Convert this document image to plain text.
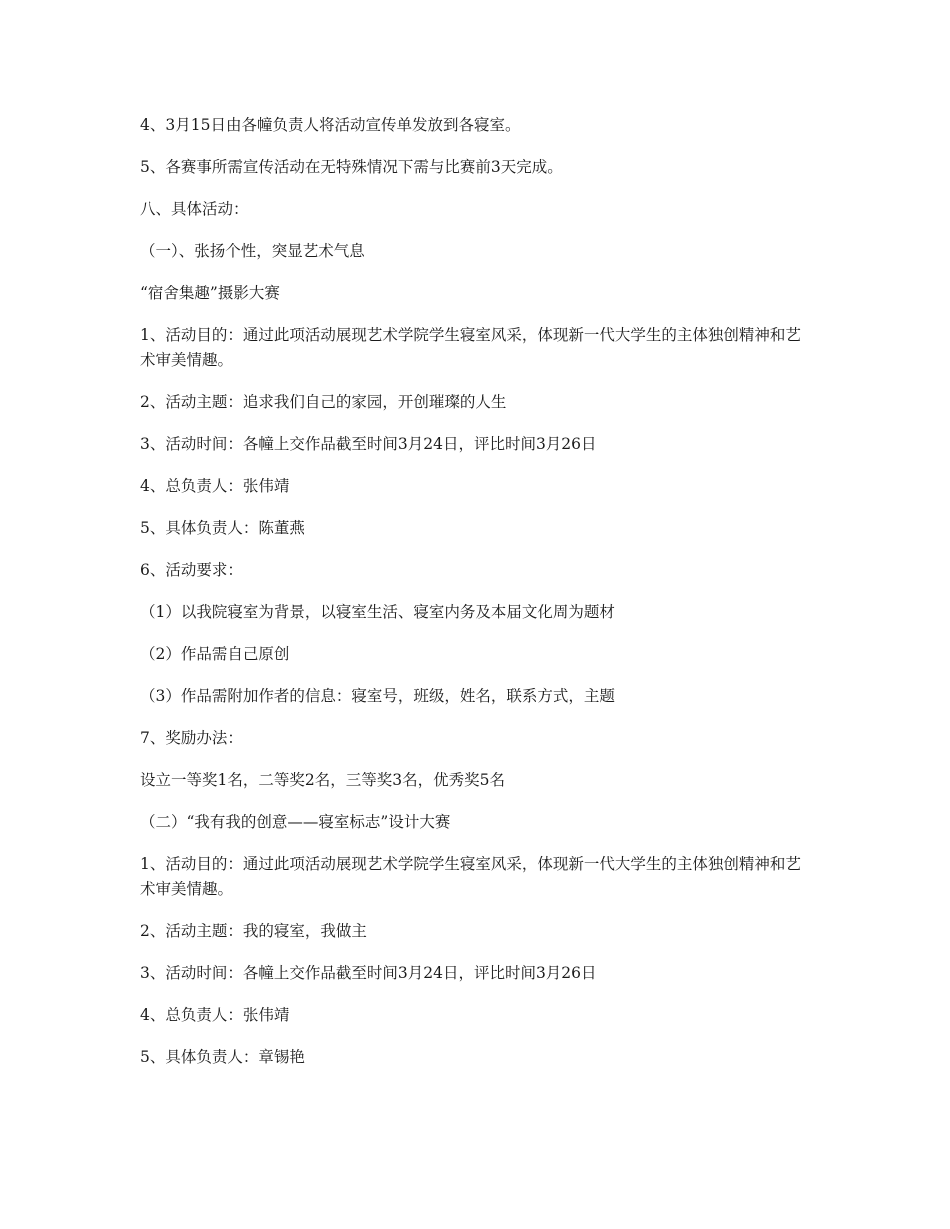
4、3月15日由各幢负责人将活动宣传单发放到各寝室。

5、各赛事所需宣传活动在无特殊情况下需与比赛前3天完成。

八、具体活动：

（一）、张扬个性，突显艺术气息

“宿舍集趣”摄影大赛

1、活动目的：通过此项活动展现艺术学院学生寝室风采，体现新一代大学生的主体独创精神和艺术审美情趣。

2、活动主题：追求我们自己的家园，开创璀璨的人生

3、活动时间：各幢上交作品截至时间3月24日，评比时间3月26日

4、总负责人：张伟靖

5、具体负责人：陈董燕

6、活动要求：

（1）以我院寝室为背景，以寝室生活、寝室内务及本届文化周为题材

（2）作品需自己原创

（3）作品需附加作者的信息：寝室号，班级，姓名，联系方式，主题

7、奖励办法：

设立一等奖1名，二等奖2名，三等奖3名，优秀奖5名

（二）“我有我的创意——寝室标志”设计大赛

1、活动目的：通过此项活动展现艺术学院学生寝室风采，体现新一代大学生的主体独创精神和艺术审美情趣。

2、活动主题：我的寝室，我做主

3、活动时间：各幢上交作品截至时间3月24日，评比时间3月26日

4、总负责人：张伟靖

5、具体负责人：章锡艳
